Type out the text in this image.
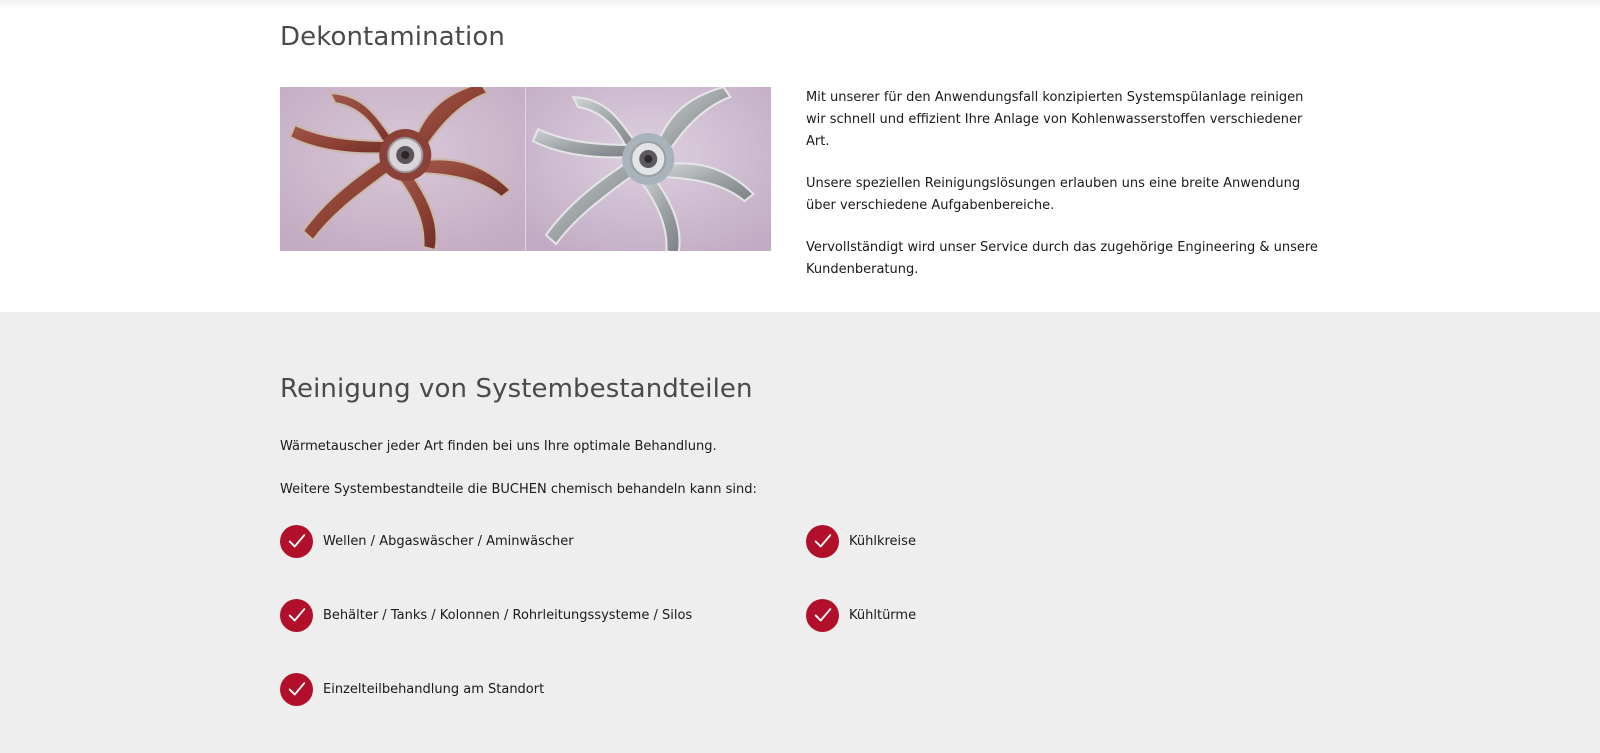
Dekontamination

Mit unserer für den Anwendungsfall konzipierten Systemspülanlage reinigen wir schnell und effizient Ihre Anlage von Kohlenwasserstoffen verschiedener Art.

Unsere speziellen Reinigungslösungen erlauben uns eine breite Anwendung über verschiedene Aufgabenbereiche.

Vervollständigt wird unser Service durch das zugehörige Engineering & unsere Kundenberatung.

Reinigung von Systembestandteilen

Wärmetauscher jeder Art finden bei uns Ihre optimale Behandlung.

Weitere Systembestandteile die BUCHEN chemisch behandeln kann sind:

Wellen / Abgaswäscher / Aminwäscher
Behälter / Tanks / Kolonnen / Rohrleitungssysteme / Silos
Einzelteilbehandlung am Standort
Kühlkreise
Kühltürme
